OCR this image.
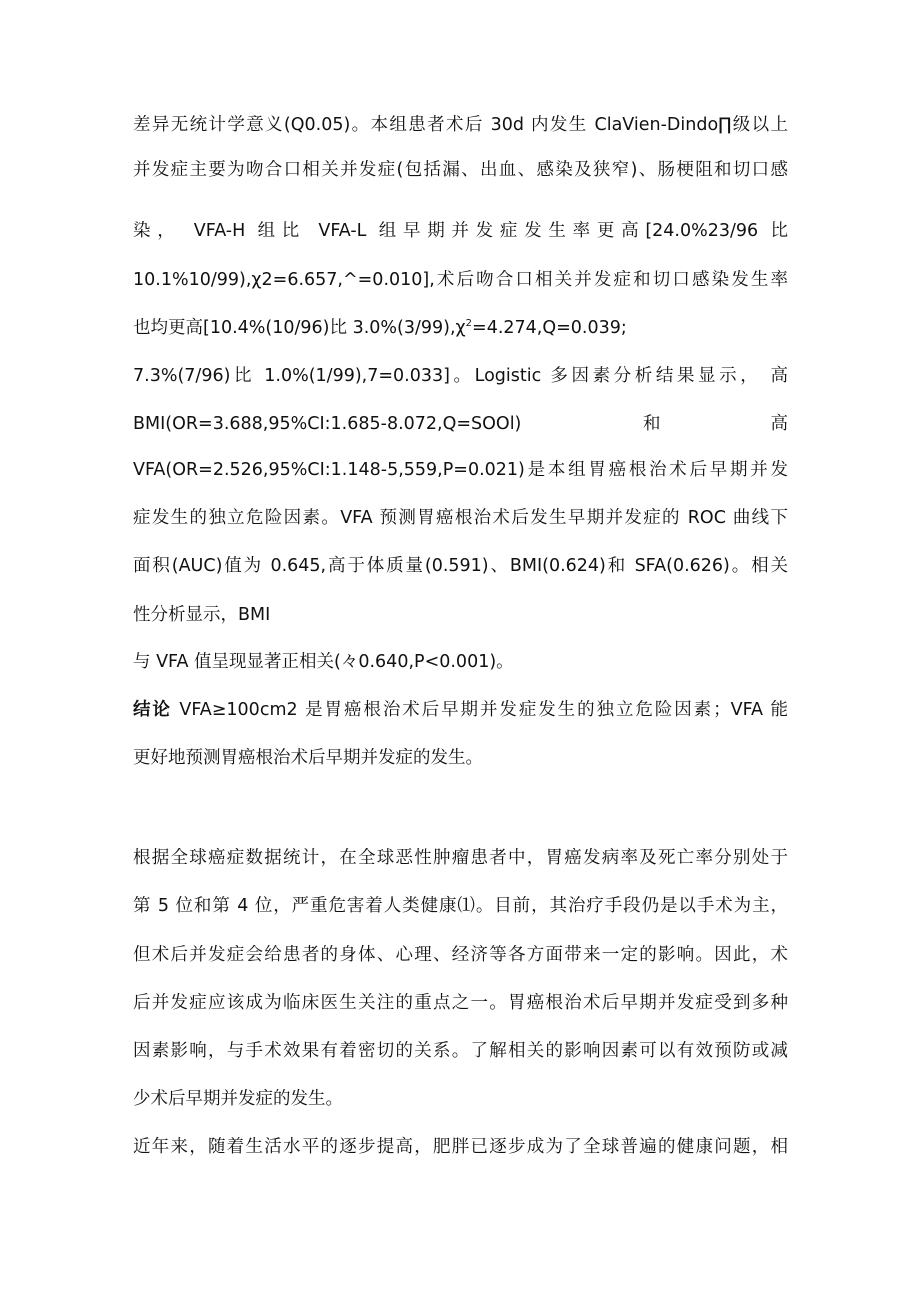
差异无统计学意义(Q0.05)。本组患者术后 30d 内发生 ClaVien-Dindo∏级以上
并发症主要为吻合口相关并发症(包括漏、出血、感染及狭窄)、肠梗阻和切口感
染， VFA-H 组比 VFA-L 组早期并发症发生率更高[24.0%23/96 比
10.1%10/99),χ2=6.657,^=0.010],术后吻合口相关并发症和切口感染发生率
也均更高[10.4%(10/96)比 $3.0\%(3/99),\chi^2=4.274,Q=0.039$;
7.3%(7/96)比 1.0%(1/99),7=0.033]。Logistic 多因素分析结果显示， 高
BMI(OR=3.688,95%CI:1.685-8.072,Q=SOOl)	和	高
VFA(OR=2.526,95%CI:1.148-5,559,P=0.021)是本组胃癌根治术后早期并发
症发生的独立危险因素。VFA 预测胃癌根治术后发生早期并发症的 ROC 曲线下
面积(AUC)值为 0.645,高于体质量(0.591)、BMI(0.624)和 SFA(0.626)。相关
性分析显示，BMI
与 VFA 值呈现显著正相关(々0.640,P<0.001)。
结论 VFA≥100cm2 是胃癌根治术后早期并发症发生的独立危险因素；VFA 能
更好地预测胃癌根治术后早期并发症的发生。
根据全球癌症数据统计，在全球恶性肿瘤患者中，胃癌发病率及死亡率分别处于
第 5 位和第 4 位，严重危害着人类健康⑴。目前，其治疗手段仍是以手术为主，
但术后并发症会给患者的身体、心理、经济等各方面带来一定的影响。因此，术
后并发症应该成为临床医生关注的重点之一。胃癌根治术后早期并发症受到多种
因素影响，与手术效果有着密切的关系。了解相关的影响因素可以有效预防或减
少术后早期并发症的发生。
近年来，随着生活水平的逐步提高，肥胖已逐步成为了全球普遍的健康问题，相
